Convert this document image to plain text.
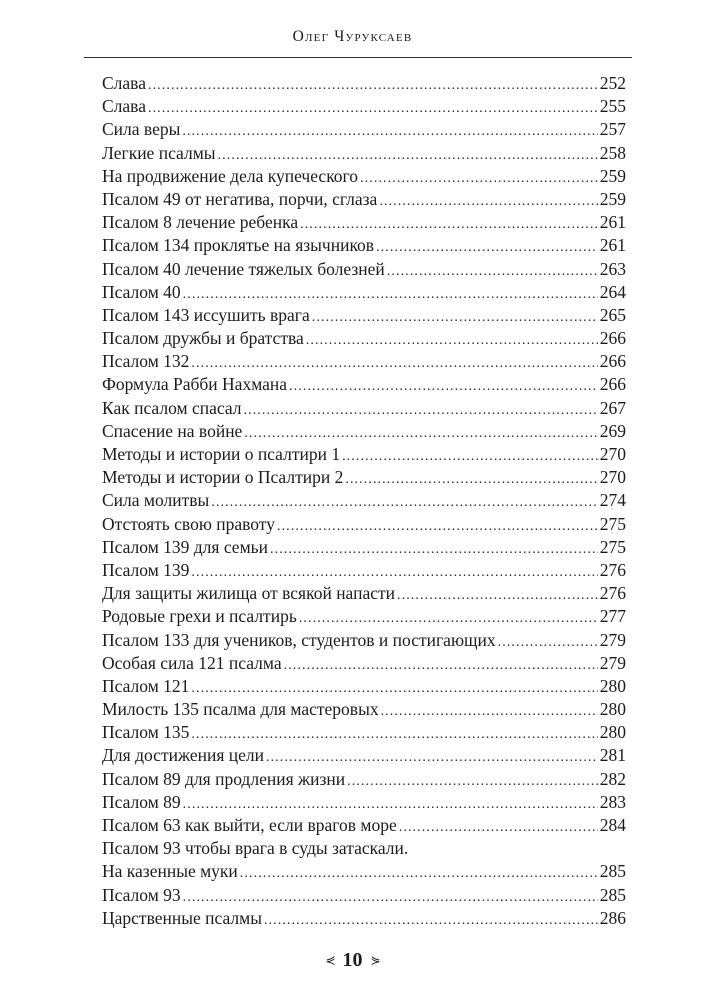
Олег Чуруксаев
Слава .....	252
Слава .....	255
Сила веры .....	257
Легкие псалмы .....	258
На продвижение дела купеческого .....	259
Псалом 49 от негатива, порчи, сглаза .....	259
Псалом 8 лечение ребенка .....	261
Псалом 134 проклятье на язычников .....	261
Псалом 40 лечение тяжелых болезней .....	263
Псалом 40 .....	264
Псалом 143 иссушить врага .....	265
Псалом дружбы и братства .....	266
Псалом 132 .....	266
Формула Рабби Нахмана .....	266
Как псалом спасал .....	267
Спасение на войне .....	269
Методы и истории о псалтири 1 .....	270
Методы и истории о Псалтири 2 .....	270
Сила молитвы .....	274
Отстоять свою правоту .....	275
Псалом 139 для семьи .....	275
Псалом 139 .....	276
Для защиты жилища от всякой напасти .....	276
Родовые грехи и псалтирь .....	277
Псалом 133 для учеников, студентов и постигающих .....	279
Особая сила 121 псалма .....	279
Псалом 121 .....	280
Милость 135 псалма для мастеровых .....	280
Псалом 135 .....	280
Для достижения цели .....	281
Псалом 89 для продления жизни .....	282
Псалом 89 .....	283
Псалом 63 как выйти, если врагов море .....	284
Псалом 93 чтобы врага в суды затаскали.
На казенные муки .....	285
Псалом 93 .....	285
Царственные псалмы .....	286
⋞ 10 ⋟
